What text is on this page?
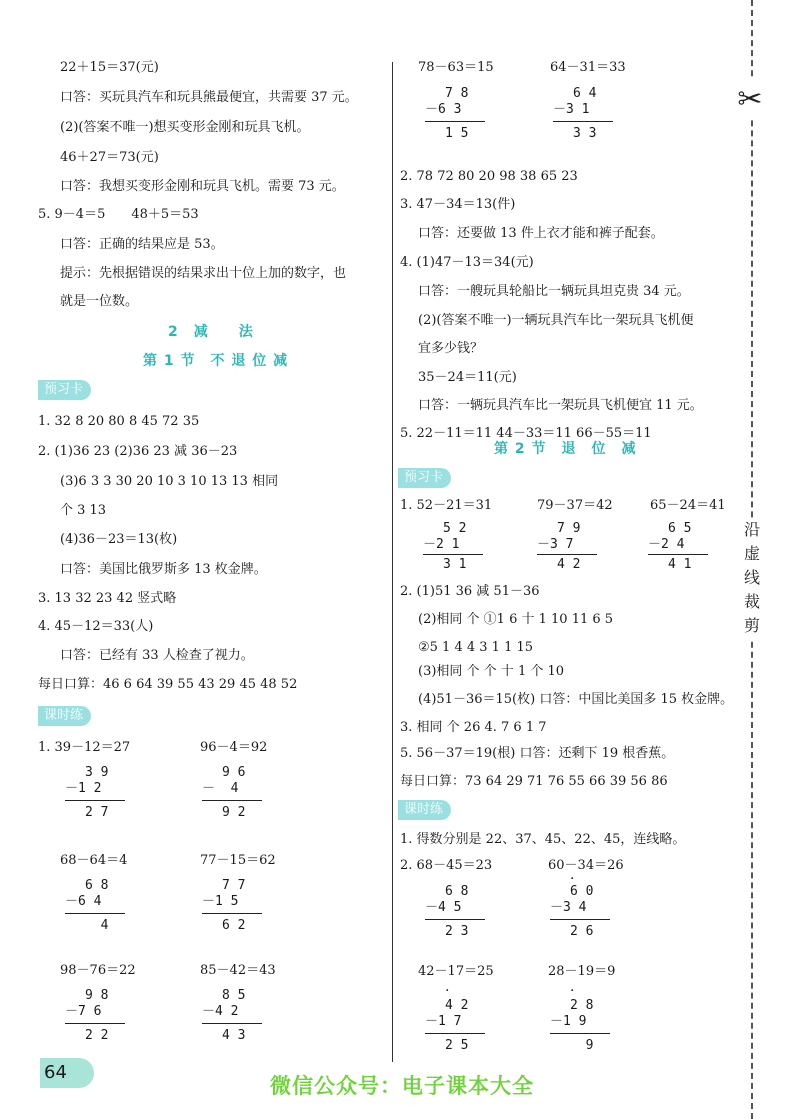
✂
沿
虚
线
裁
剪
22＋15＝37(元)
口答：买玩具汽车和玩具熊最便宜，共需要 37 元。
(2)(答案不唯一)想买变形金刚和玩具飞机。
46＋27＝73(元)
口答：我想买变形金刚和玩具飞机。需要 73 元。
5. 9－4＝5　　48＋5＝53
口答：正确的结果应是 53。
提示：先根据错误的结果求出十位上加的数字，也
就是一位数。
2　减　　法
第 1 节　不 退 位 减
预习卡
1. 32 8 20 80 8 45 72 35
2. (1)36 23 (2)36 23 减 36－23
(3)6 3 3 30 20 10 3 10 13 13 相同
个 3 13
(4)36－23＝13(枚)
口答：美国比俄罗斯多 13 枚金牌。
3. 13 32 23 42 竖式略
4. 45－12＝33(人)
口答：已经有 33 人检查了视力。
每日口算：46 6 64 39 55 43 29 45 48 52
课时练
1. 39－12＝27	96－4＝92
3 9
－1 2
2 7
9 6
－  4
9 2
68－64＝4	77－15＝62
6 8
－6 4
4
7 7
－1 5
6 2
98－76＝22	85－42＝43
9 8
－7 6
2 2
8 5
－4 2
4 3
78－63＝15	64－31＝33
7 8
－6 3
1 5
6 4
－3 1
3 3
2. 78 72 80 20 98 38 65 23
3. 47－34＝13(件)
口答：还要做 13 件上衣才能和裤子配套。
4. (1)47－13＝34(元)
口答：一艘玩具轮船比一辆玩具坦克贵 34 元。
(2)(答案不唯一)一辆玩具汽车比一架玩具飞机便
宜多少钱？
35－24＝11(元)
口答：一辆玩具汽车比一架玩具飞机便宜 11 元。
5. 22－11＝11 44－33＝11 66－55＝11
第 2 节　退　位　减
预习卡
1. 52－21＝31	79－37＝42	65－24＝41
5 2
－2 1
3 1
7 9
－3 7
4 2
6 5
－2 4
4 1
2. (1)51 36 减 51－36
(2)相同 个 ①1 6 十 1 10 11 6 5
②5 1 4 4 3 1 1 15
(3)相同 个 个 十 1 个 10
(4)51－36＝15(枚) 口答：中国比美国多 15 枚金牌。
3. 相同 个 26 4. 7 6 1 7
5. 56－37＝19(根) 口答：还剩下 19 根香蕉。
每日口算：73 64 29 71 76 55 66 39 56 86
课时练
1. 得数分别是 22、37、45、22、45，连线略。
2. 68－45＝23	60－34＝26
6 8
－4 5
2 3
·
6 0
－3 4
2 6
42－17＝25	28－19＝9
·
4 2
－1 7
2 5
·
2 8
－1 9
9
64
微信公众号：电子课本大全
